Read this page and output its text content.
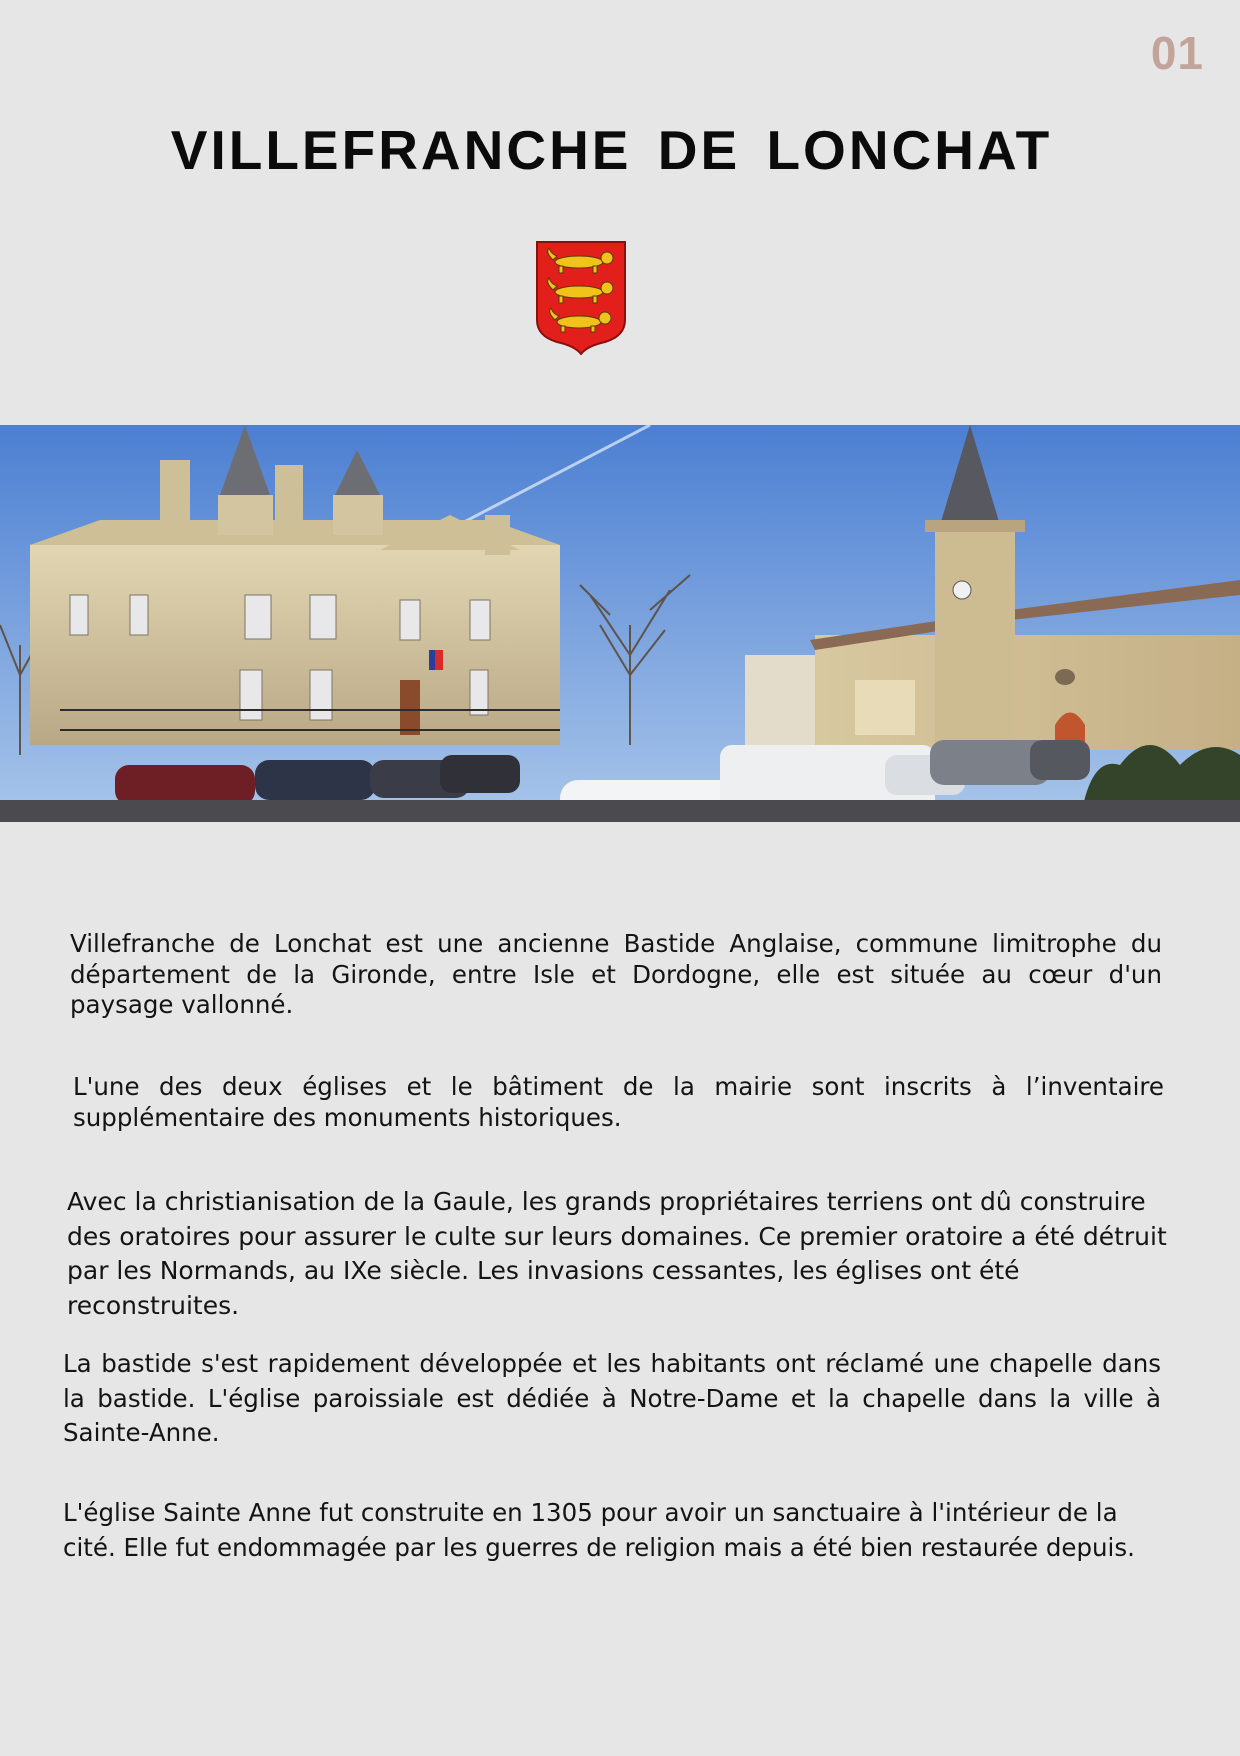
01
VILLEFRANCHE DE LONCHAT

Villefranche de Lonchat est une ancienne Bastide Anglaise, commune limitrophe du département de la Gironde, entre Isle et Dordogne, elle est située au cœur d'un paysage vallonné.

L'une des deux églises et le bâtiment de la mairie sont inscrits à l’inventaire supplémentaire des monuments historiques.

Avec la christianisation de la Gaule, les grands propriétaires terriens ont dû construire des oratoires pour assurer le culte sur leurs domaines. Ce premier oratoire a été détruit par les Normands, au IXe siècle. Les invasions cessantes, les églises ont été reconstruites.

La bastide s'est rapidement développée et les habitants ont réclamé une chapelle dans la bastide. L'église paroissiale est dédiée à Notre-Dame et la chapelle dans la ville à Sainte-Anne.

L'église Sainte Anne fut construite en 1305 pour avoir un sanctuaire à l'intérieur de la cité. Elle fut endommagée par les guerres de religion mais a été bien restaurée depuis.
